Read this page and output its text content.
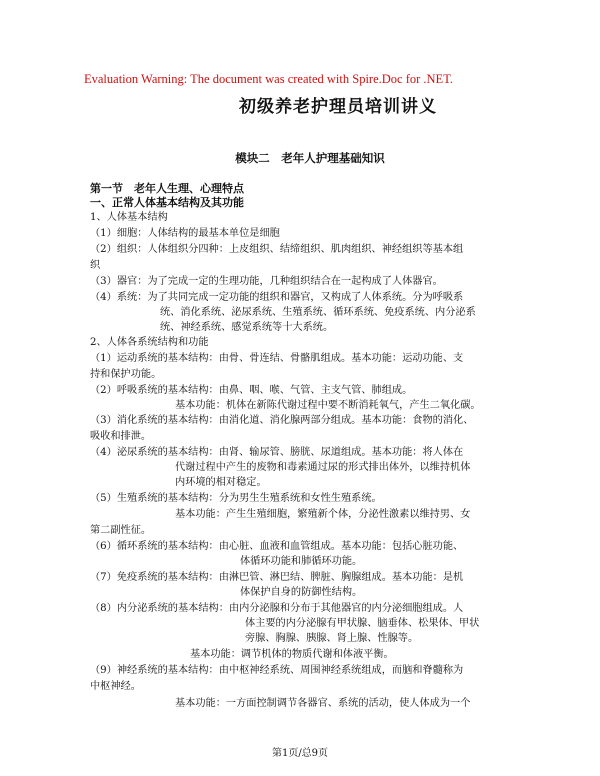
Evaluation Warning: The document was created with Spire.Doc for .NET.
初级养老护理员培训讲义
模块二　老年人护理基础知识
第一节　老年人生理、心理特点
一、正常人体基本结构及其功能
1、人体基本结构
（1）细胞：人体结构的最基本单位是细胞
（2）组织：人体组织分四种：上皮组织、结缔组织、肌肉组织、神经组织等基本组
织
（3）器官：为了完成一定的生理功能，几种组织结合在一起构成了人体器官。
（4）系统：为了共同完成一定功能的组织和器官，又构成了人体系统。分为呼吸系
统、消化系统、泌尿系统、生殖系统、循环系统、免疫系统、内分泌系
统、神经系统、感觉系统等十大系统。
2、人体各系统结构和功能
（1）运动系统的基本结构：由骨、骨连结、骨骼肌组成。基本功能：运动功能、支
持和保护功能。
（2）呼吸系统的基本结构：由鼻、咽、喉、气管、主支气管、肺组成。
基本功能：机体在新陈代谢过程中要不断消耗氧气，产生二氧化碳。
（3）消化系统的基本结构：由消化道、消化腺两部分组成。基本功能：食物的消化、
吸收和排泄。
（4）泌尿系统的基本结构：由肾、输尿管、膀胱、尿道组成。基本功能：将人体在
代谢过程中产生的废物和毒素通过尿的形式排出体外，以维持机体
内环境的相对稳定。
（5）生殖系统的基本结构：分为男生生殖系统和女性生殖系统。
基本功能：产生生殖细胞，繁殖新个体，分泌性激素以维持男、女
第二副性征。
（6）循环系统的基本结构：由心脏、血液和血管组成。基本功能：包括心脏功能、
体循环功能和肺循环功能。
（7）免疫系统的基本结构：由淋巴管、淋巴结、脾脏、胸腺组成。基本功能：是机
体保护自身的防御性结构。
（8）内分泌系统的基本结构：由内分泌腺和分布于其他器官的内分泌细胞组成。人
体主要的内分泌腺有甲状腺、脑垂体、松果体、甲状
旁腺、胸腺、胰腺、肾上腺、性腺等。
基本功能：调节机体的物质代谢和体液平衡。
（9）神经系统的基本结构：由中枢神经系统、周围神经系统组成，而脑和脊髓称为
中枢神经。
基本功能：一方面控制调节各器官、系统的活动，使人体成为一个
第1页/总9页
